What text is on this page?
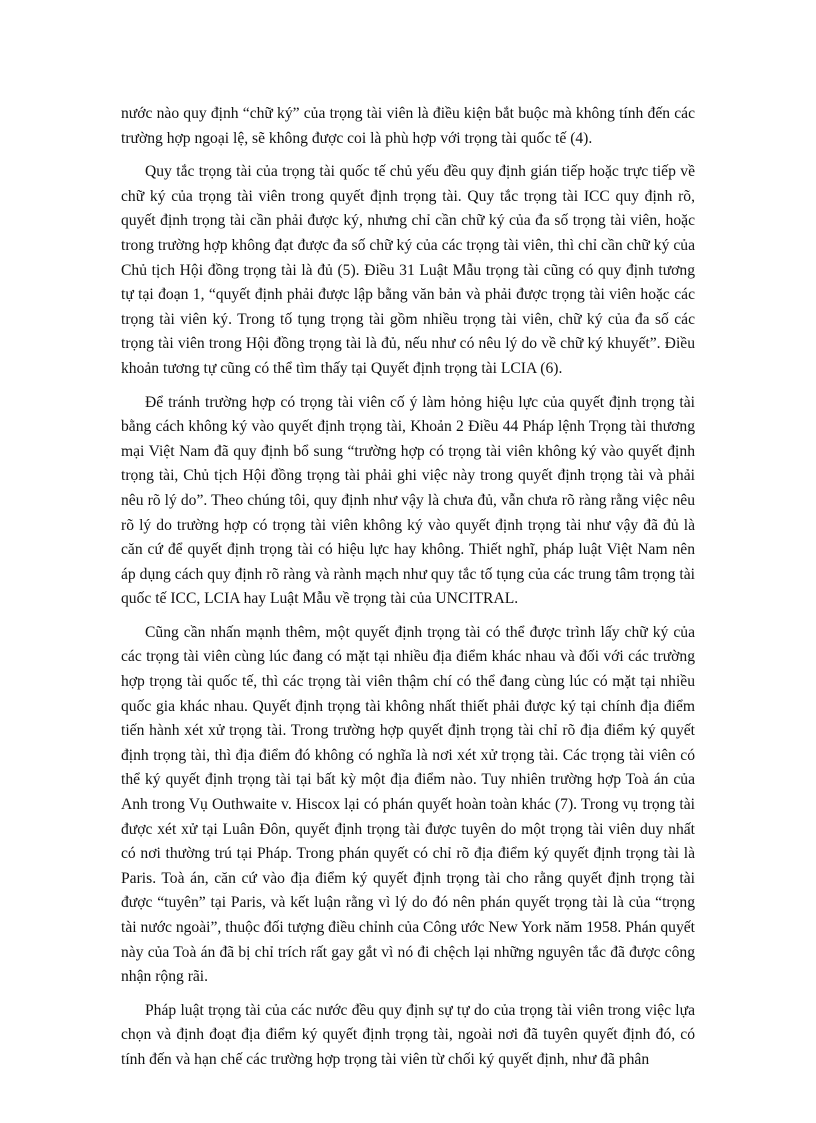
nước nào quy định “chữ ký” của trọng tài viên là điều kiện bắt buộc mà không tính đến các trường hợp ngoại lệ, sẽ không được coi là phù hợp với trọng tài quốc tế (4).

Quy tắc trọng tài của trọng tài quốc tế chủ yếu đều quy định gián tiếp hoặc trực tiếp về chữ ký của trọng tài viên trong quyết định trọng tài. Quy tắc trọng tài ICC quy định rõ, quyết định trọng tài cần phải được ký, nhưng chỉ cần chữ ký của đa số trọng tài viên, hoặc trong trường hợp không đạt được đa số chữ ký của các trọng tài viên, thì chỉ cần chữ ký của Chủ tịch Hội đồng trọng tài là đủ (5). Điều 31 Luật Mẫu trọng tài cũng có quy định tương tự tại đoạn 1, “quyết định phải được lập bằng văn bản và phải được trọng tài viên hoặc các trọng tài viên ký. Trong tố tụng trọng tài gồm nhiều trọng tài viên, chữ ký của đa số các trọng tài viên trong Hội đồng trọng tài là đủ, nếu như có nêu lý do về chữ ký khuyết”. Điều khoản tương tự cũng có thể tìm thấy tại Quyết định trọng tài LCIA (6).

Để tránh trường hợp có trọng tài viên cố ý làm hỏng hiệu lực của quyết định trọng tài bằng cách không ký vào quyết định trọng tài, Khoản 2 Điều 44 Pháp lệnh Trọng tài thương mại Việt Nam đã quy định bổ sung “trường hợp có trọng tài viên không ký vào quyết định trọng tài, Chủ tịch Hội đồng trọng tài phải ghi việc này trong quyết định trọng tài và phải nêu rõ lý do”. Theo chúng tôi, quy định như vậy là chưa đủ, vẫn chưa rõ ràng rằng việc nêu rõ lý do trường hợp có trọng tài viên không ký vào quyết định trọng tài như vậy đã đủ là căn cứ để quyết định trọng tài có hiệu lực hay không. Thiết nghĩ, pháp luật Việt Nam nên áp dụng cách quy định rõ ràng và rành mạch như quy tắc tố tụng của các trung tâm trọng tài quốc tế ICC, LCIA hay Luật Mẫu về trọng tài của UNCITRAL.

Cũng cần nhấn mạnh thêm, một quyết định trọng tài có thể được trình lấy chữ ký của các trọng tài viên cùng lúc đang có mặt tại nhiều địa điểm khác nhau và đối với các trường hợp trọng tài quốc tế, thì các trọng tài viên thậm chí có thể đang cùng lúc có mặt tại nhiều quốc gia khác nhau. Quyết định trọng tài không nhất thiết phải được ký tại chính địa điểm tiến hành xét xử trọng tài. Trong trường hợp quyết định trọng tài chỉ rõ địa điểm ký quyết định trọng tài, thì địa điểm đó không có nghĩa là nơi xét xử trọng tài. Các trọng tài viên có thể ký quyết định trọng tài tại bất kỳ một địa điểm nào. Tuy nhiên trường hợp Toà án của Anh trong Vụ Outhwaite v. Hiscox lại có phán quyết hoàn toàn khác (7). Trong vụ trọng tài được xét xử tại Luân Đôn, quyết định trọng tài được tuyên do một trọng tài viên duy nhất có nơi thường trú tại Pháp. Trong phán quyết có chỉ rõ địa điểm ký quyết định trọng tài là Paris. Toà án, căn cứ vào địa điểm ký quyết định trọng tài cho rằng quyết định trọng tài được “tuyên” tại Paris, và kết luận rằng vì lý do đó nên phán quyết trọng tài là của “trọng tài nước ngoài”, thuộc đối tượng điều chỉnh của Công ước New York năm 1958. Phán quyết này của Toà án đã bị chỉ trích rất gay gắt vì nó đi chệch lại những nguyên tắc đã được công nhận rộng rãi.

Pháp luật trọng tài của các nước đều quy định sự tự do của trọng tài viên trong việc lựa chọn và định đoạt địa điểm ký quyết định trọng tài, ngoài nơi đã tuyên quyết định đó, có tính đến và hạn chế các trường hợp trọng tài viên từ chối ký quyết định, như đã phân
